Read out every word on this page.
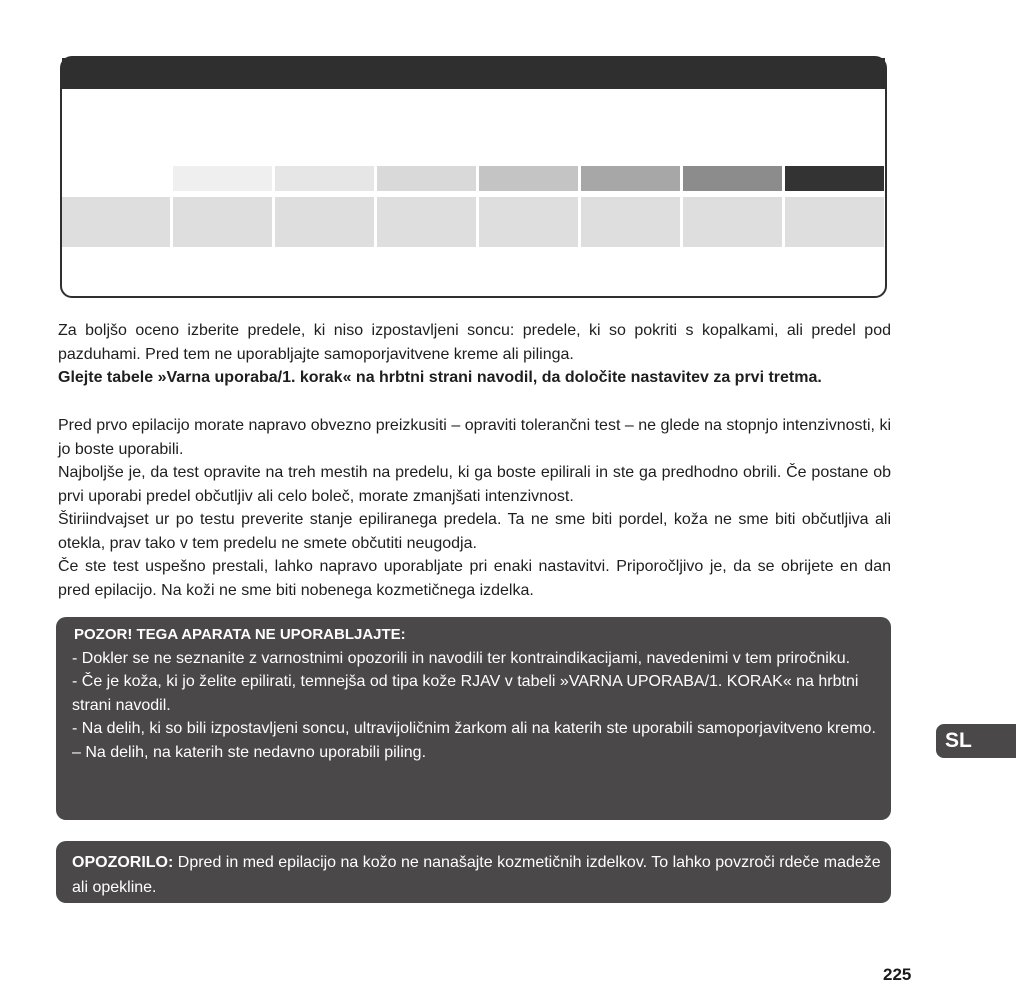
Za boljšo oceno izberite predele, ki niso izpostavljeni soncu: predele, ki so pokriti s kopalkami, ali predel pod pazduhami. Pred tem ne uporabljajte samoporjavitvene kreme ali pilinga.

Glejte tabele »Varna uporaba/1. korak« na hrbtni strani navodil, da določite nastavitev za prvi tretma.

Pred prvo epilacijo morate napravo obvezno preizkusiti – opraviti tolerančni test – ne glede na stopnjo intenzivnosti, ki jo boste uporabili.

Najboljše je, da test opravite na treh mestih na predelu, ki ga boste epilirali in ste ga predhodno obrili. Če postane ob prvi uporabi predel občutljiv ali celo boleč, morate zmanjšati intenzivnost.

Štiriindvajset ur po testu preverite stanje epiliranega predela. Ta ne sme biti pordel, koža ne sme biti občutljiva ali otekla, prav tako v tem predelu ne smete občutiti neugodja.

Če ste test uspešno prestali, lahko napravo uporabljate pri enaki nastavitvi. Priporočljivo je, da se obrijete en dan pred epilacijo. Na koži ne sme biti nobenega kozmetičnega izdelka.

POZOR! TEGA APARATA NE UPORABLJAJTE:

- Dokler se ne seznanite z varnostnimi opozorili in navodili ter kontraindikacijami, navedenimi v tem priročniku.

- Če je koža, ki jo želite epilirati, temnejša od tipa kože RJAV v tabeli »VARNA UPORABA/1. KORAK« na hrbtni strani navodil.

- Na delih, ki so bili izpostavljeni soncu, ultravijoličnim žarkom ali na katerih ste uporabili samoporjavitveno kremo.

– Na delih, na katerih ste nedavno uporabili piling.

OPOZORILO: Dpred in med epilacijo na kožo ne nanašajte kozmetičnih izdelkov. To lahko povzroči rdeče madeže ali opekline.

SL
225
